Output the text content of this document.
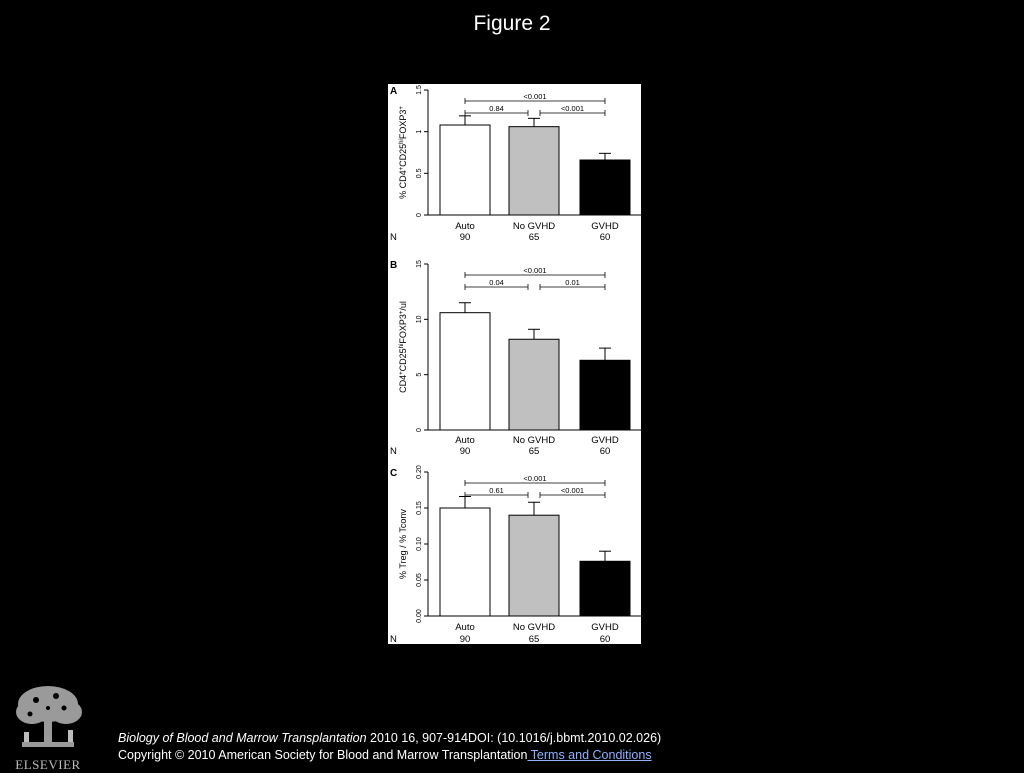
Figure 2
A
0
0.5
1
1.5
% $CD4^+CD25^{hi}FOXP3^+$
<0.001
0.84	<0.001
Auto	No GVHD	GVHD
N	90	65	60
B
0
5
10
15
$CD4^+CD25^{hi}FOXP3^+/ul$
<0.001
0.04	0.01
Auto	No GVHD	GVHD
N	90	65	60
C
0.00
0.05
0.10
0.15
0.20
% Treg / % Tconv
<0.001
0.61	<0.001
Auto	No GVHD	GVHD
N	90	65	60
ELSEVIER
Biology of Blood and Marrow Transplantation 2010 16, 907-914DOI: (10.1016/j.bbmt.2010.02.026)
Copyright © 2010 American Society for Blood and Marrow Transplantation Terms and Conditions
